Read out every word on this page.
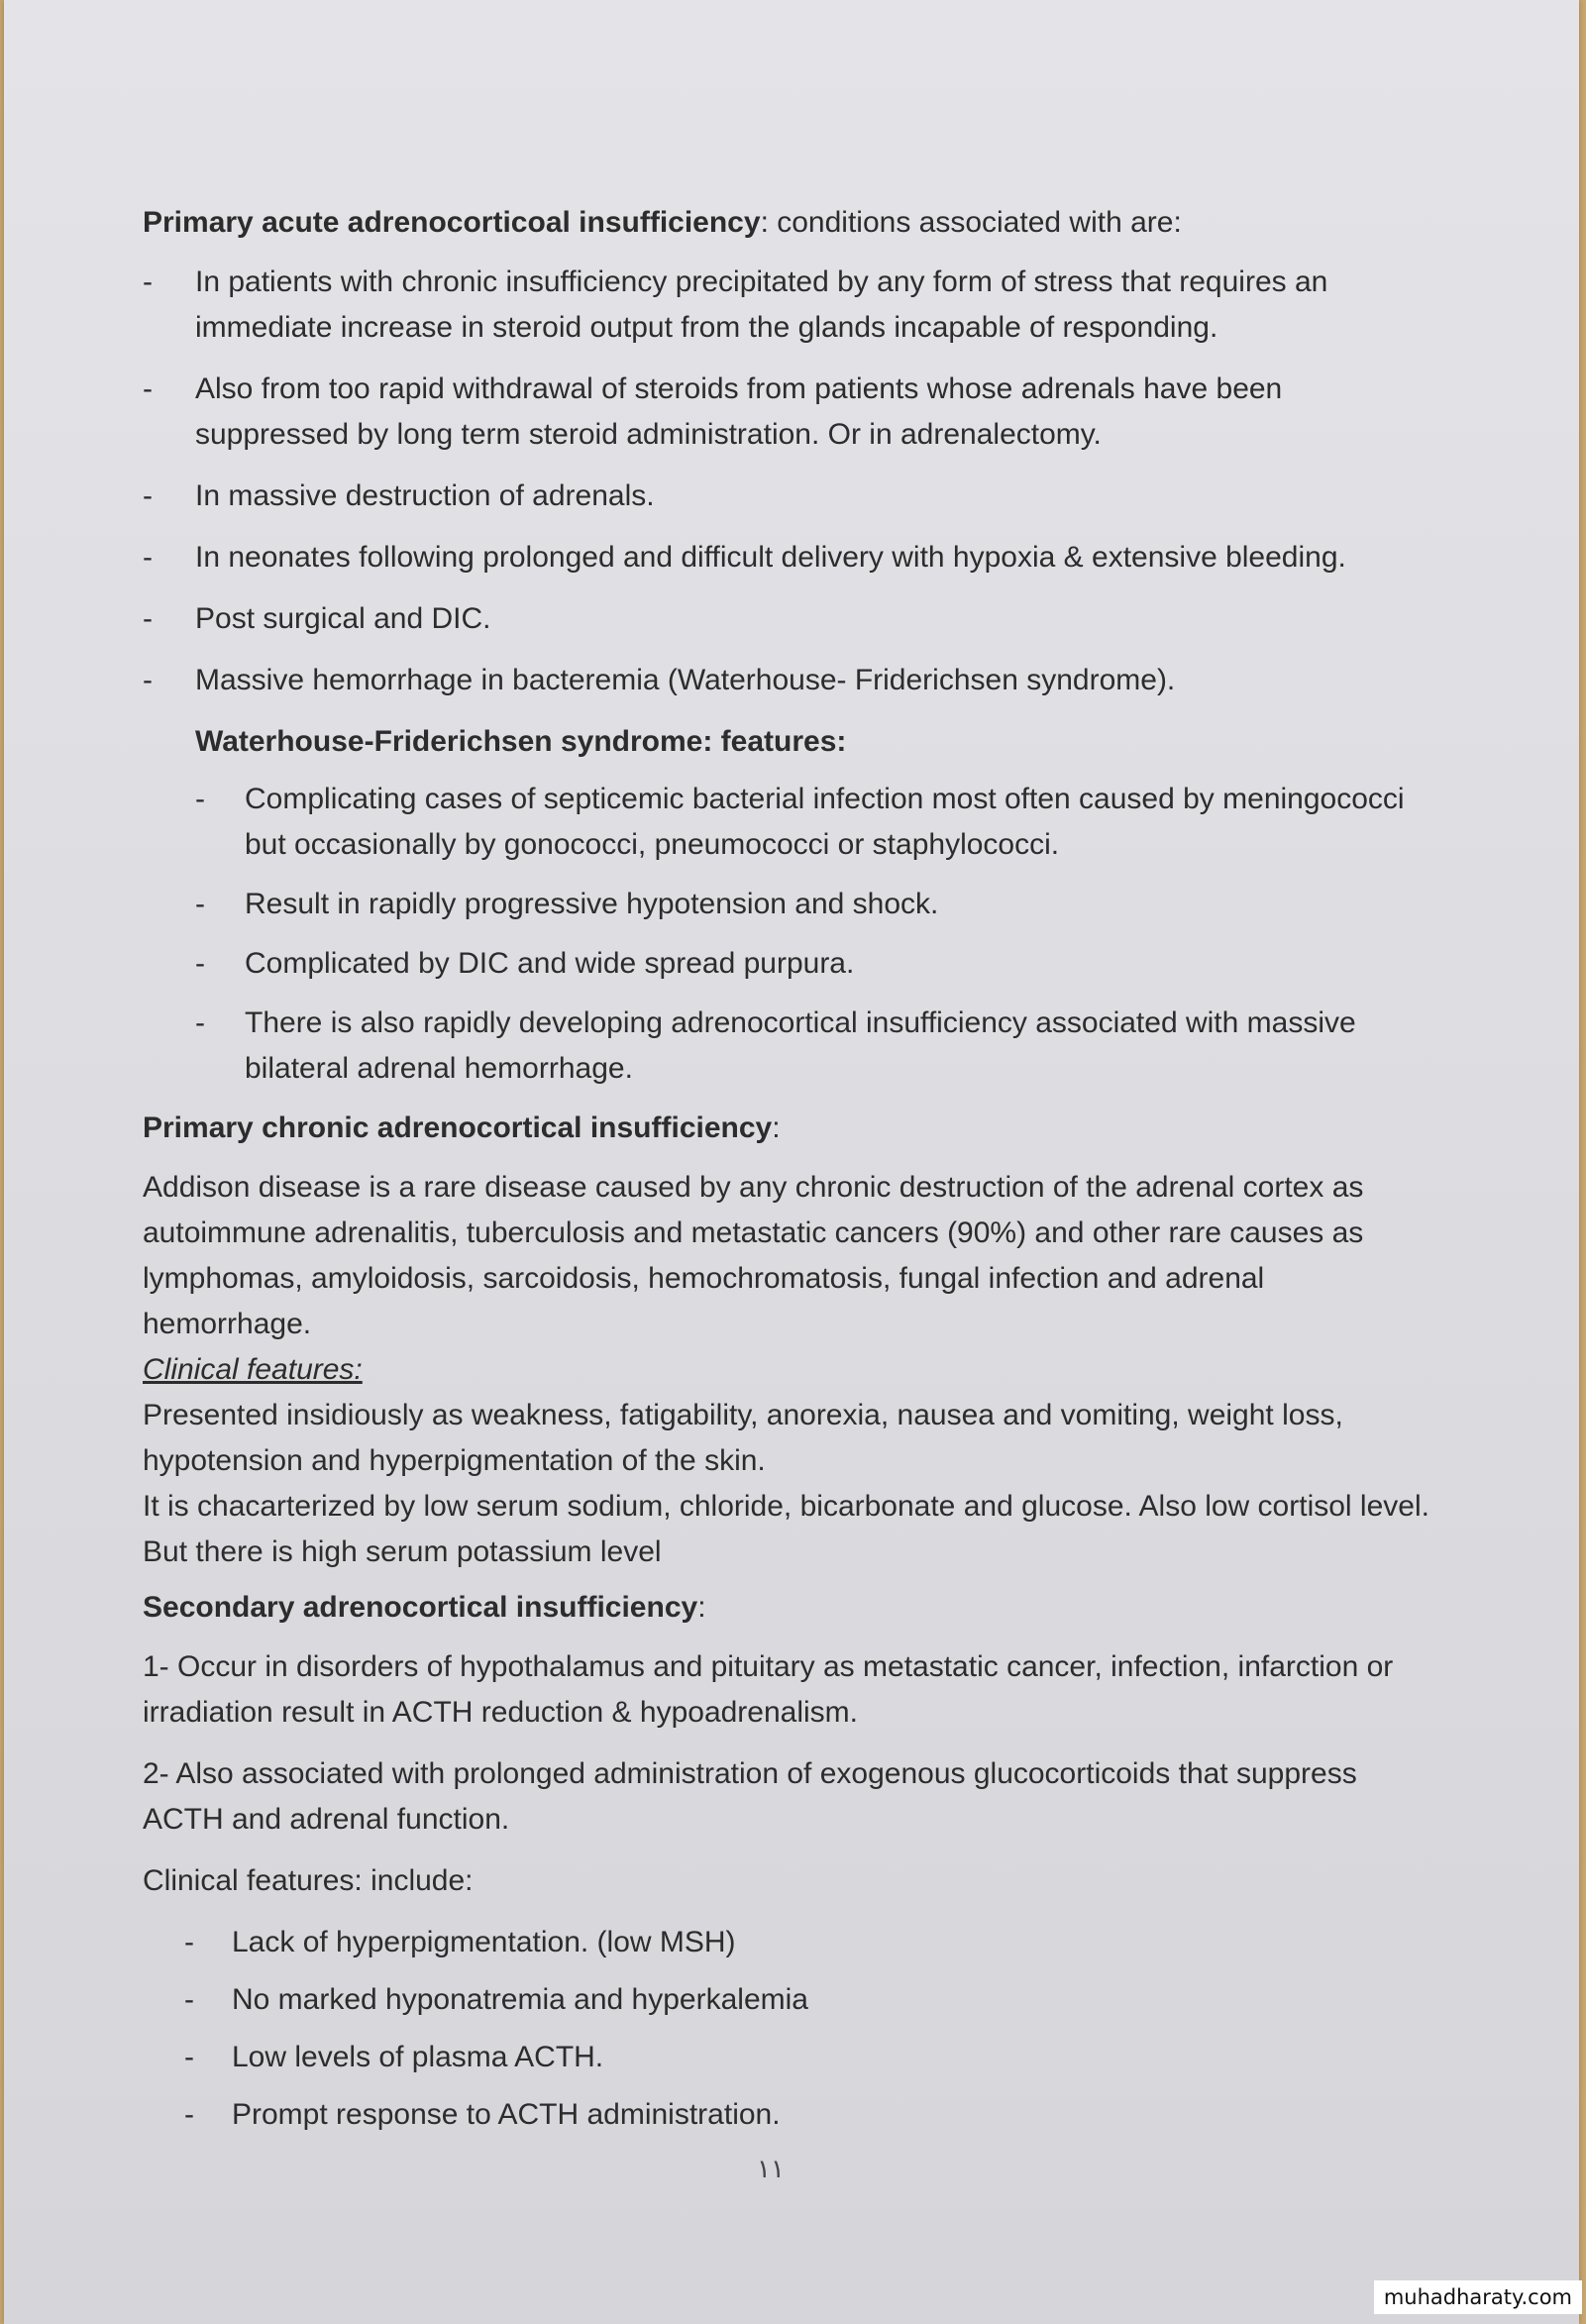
Primary acute adrenocorticoal insufficiency: conditions associated with are:

- In patients with chronic insufficiency precipitated by any form of stress that requires an immediate increase in steroid output from the glands incapable of responding.
- Also from too rapid withdrawal of steroids from patients whose adrenals have been suppressed by long term steroid administration. Or in adrenalectomy.
- In massive destruction of adrenals.
- In neonates following prolonged and difficult delivery with hypoxia & extensive bleeding.
- Post surgical and DIC.
- Massive hemorrhage in bacteremia (Waterhouse- Friderichsen syndrome).

Waterhouse-Friderichsen syndrome: features:

- Complicating cases of septicemic bacterial infection most often caused by meningococci but occasionally by gonococci, pneumococci or staphylococci.
- Result in rapidly progressive hypotension and shock.
- Complicated by DIC and wide spread purpura.
- There is also rapidly developing adrenocortical insufficiency associated with massive bilateral adrenal hemorrhage.

Primary chronic adrenocortical insufficiency:

Addison disease is a rare disease caused by any chronic destruction of the adrenal cortex as autoimmune adrenalitis, tuberculosis and metastatic cancers (90%) and other rare causes as lymphomas, amyloidosis, sarcoidosis, hemochromatosis, fungal infection and adrenal hemorrhage.

Clinical features:

Presented insidiously as weakness, fatigability, anorexia, nausea and vomiting, weight loss, hypotension and hyperpigmentation of the skin.

It is chacarterized by low serum sodium, chloride, bicarbonate and glucose. Also low cortisol level. But there is high serum potassium level

Secondary adrenocortical insufficiency:

1- Occur in disorders of hypothalamus and pituitary as metastatic cancer, infection, infarction or irradiation result in ACTH reduction & hypoadrenalism.

2- Also associated with prolonged administration of exogenous glucocorticoids that suppress ACTH and adrenal function.

Clinical features: include:

- Lack of hyperpigmentation. (low MSH)
- No marked hyponatremia and hyperkalemia
- Low levels of plasma ACTH.
- Prompt response to ACTH administration.
١١
muhadharaty.com
